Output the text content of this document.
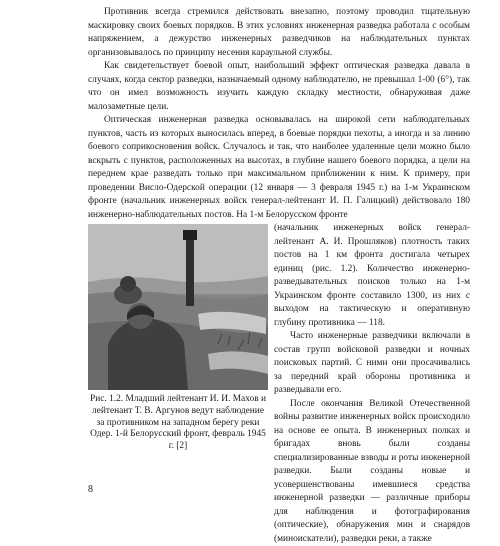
Противник всегда стремился действовать внезапно, поэтому проводил тщательную маскировку своих боевых порядков. В этих условиях инженерная разведка работала с особым напряжением, а дежурство инженерных разведчиков на наблюдательных пунктах организовывалось по принципу несения караульной службы.

Как свидетельствует боевой опыт, наибольший эффект оптическая разведка давала в случаях, когда сектор разведки, назначаемый одному наблюдателю, не превышал 1-00 (6°), так что он имел возможность изучить каждую складку местности, обнаруживая даже малозаметные цели.

Оптическая инженерная разведка основывалась на широкой сети наблюдательных пунктов, часть из которых выносилась вперед, в боевые порядки пехоты, а иногда и за линию боевого соприкосновения войск. Случалось и так, что наиболее удаленные цели можно было вскрыть с пунктов, расположенных на высотах, в глубине нашего боевого порядка, а цели на переднем крае разведать только при максимальном приближении к ним. К примеру, при проведении Висло-Одерской операции (12 января — 3 февраля 1945 г.) на 1-м Украинском фронте (начальник инженерных войск генерал-лейтенант И. П. Галицкий) действовало 180 инженерно-наблюдательных постов. На 1-м Белорусском фронте

Рис. 1.2. Младший лейтенант И. И. Махов и лейтенант Т. В. Аргунов ведут наблюдение за противником на западном берегу реки Одер. 1-й Белорусский фронт, февраль 1945 г. [2]

(начальник инженерных войск генерал-лейтенант А. И. Прошляков) плотность таких постов на 1 км фронта достигала четырех единиц (рис. 1.2). Количество инженерно-разведывательных поисков только на 1-м Украинском фронте составило 1300, из них с выходом на тактическую и оперативную глубину противника — 118.

Часто инженерные разведчики включали в состав групп войсковой разведки и ночных поисковых партий. С ними они просачивались за передний край обороны противника и разведывали его.

После окончания Великой Отечественной войны развитие инженерных войск происходило на основе ее опыта. В инженерных полках и бригадах вновь были созданы специализированные взводы и роты инженерной разведки. Были созданы новые и усовершенствованы имевшиеся средства инженерной разведки — различные приборы для наблюдения и фотографирования (оптические), обнаружения мин и снарядов (миноискатели), разведки реки, а также

8
